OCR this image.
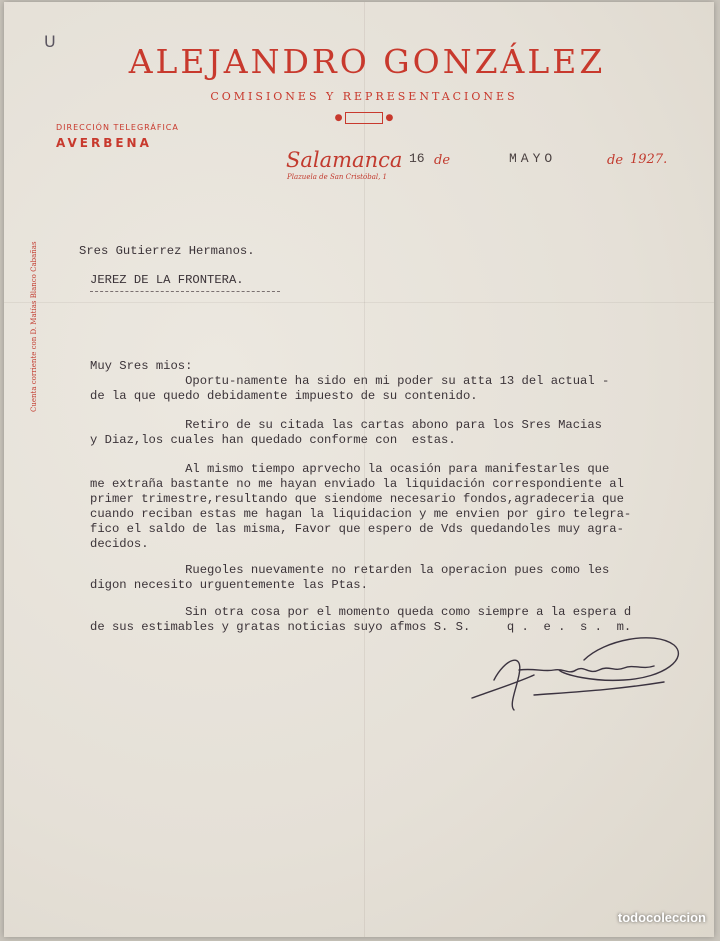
U
ALEJANDRO GONZÁLEZ
COMISIONES Y REPRESENTACIONES
●	●
DIRECCIÓN TELEGRÁFICA
AVERBENA
Salamanca
Plazuela de San Cristóbal, 1
16 de	MAYO	de 1927.
Cuenta corriente con D. Matías Blanco Cabañas	Sres Gutierrez Hermanos.
JEREZ DE LA FRONTERA.
Muy Sres mios:
Oportu-namente ha sido en mi poder su atta 13 del actual -
de la que quedo debidamente impuesto de su contenido.
Retiro de su citada las cartas abono para los Sres Macias
y Diaz,los cuales han quedado conforme con  estas.
Al mismo tiempo aprvecho la ocasión para manifestarles que
me extraña bastante no me hayan enviado la liquidación correspondiente al
primer trimestre,resultando que siendome necesario fondos,agradeceria que
cuando reciban estas me hagan la liquidacion y me envien por giro telegra-
fico el saldo de las misma, Favor que espero de Vds quedandoles muy agra-
decidos.
Ruegoles nuevamente no retarden la operacion pues como les
digon necesito urguentemente las Ptas.
Sin otra cosa por el momento queda como siempre a la espera d
de sus estimables y gratas noticias suyo afmos S. S.     q .  e .  s .  m.
todocoleccion
